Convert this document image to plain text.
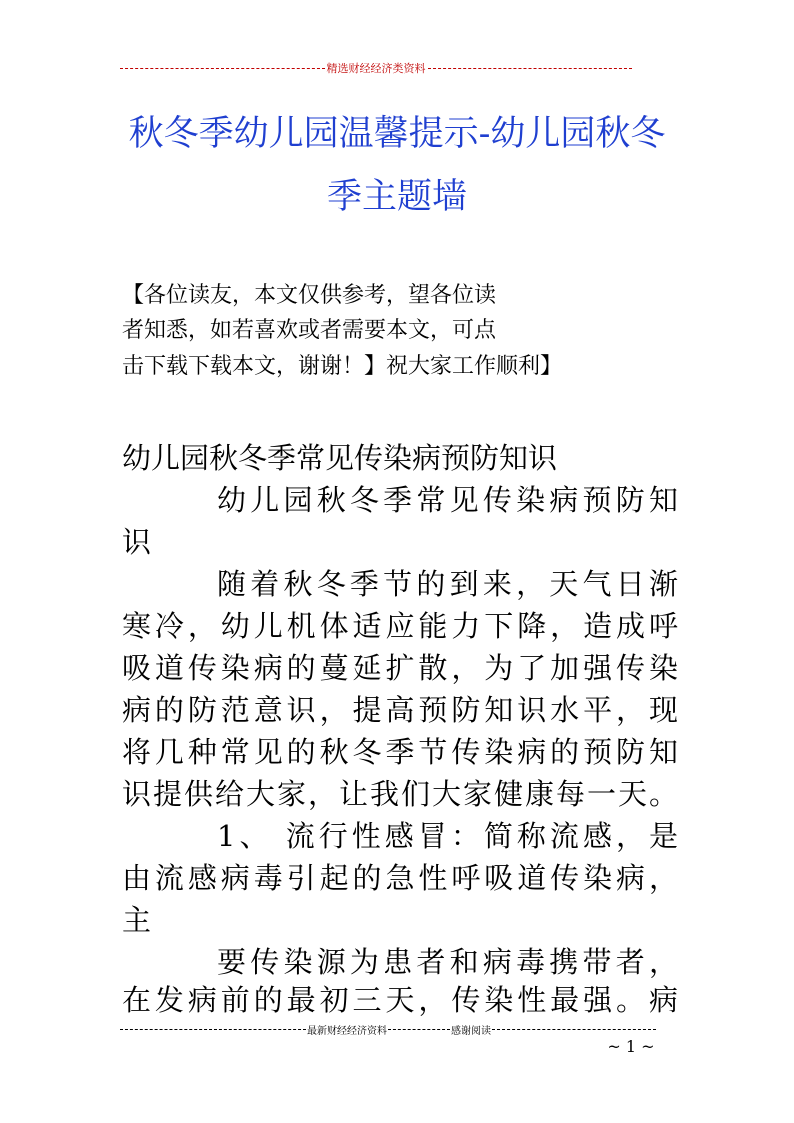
精选财经经济类资料
秋冬季幼儿园温馨提示-幼儿园秋冬
季主题墙
【各位读友，本文仅供参考，望各位读
者知悉，如若喜欢或者需要本文，可点
击下载下载本文，谢谢！】祝大家工作顺利】
幼儿园秋冬季常见传染病预防知识
幼儿园秋冬季常见传染病预防知
识
随着秋冬季节的到来，天气日渐
寒冷，幼儿机体适应能力下降，造成呼
吸道传染病的蔓延扩散，为了加强传染
病的防范意识，提高预防知识水平，现
将几种常见的秋冬季节传染病的预防知
识提供给大家，让我们大家健康每一天。
1、 流行性感冒：简称流感，是
由流感病毒引起的急性呼吸道传染病，
主
要传染源为患者和病毒携带者，
在发病前的最初三天，传染性最强。病
最新财经经济资料	感谢阅读
~ 1 ~
